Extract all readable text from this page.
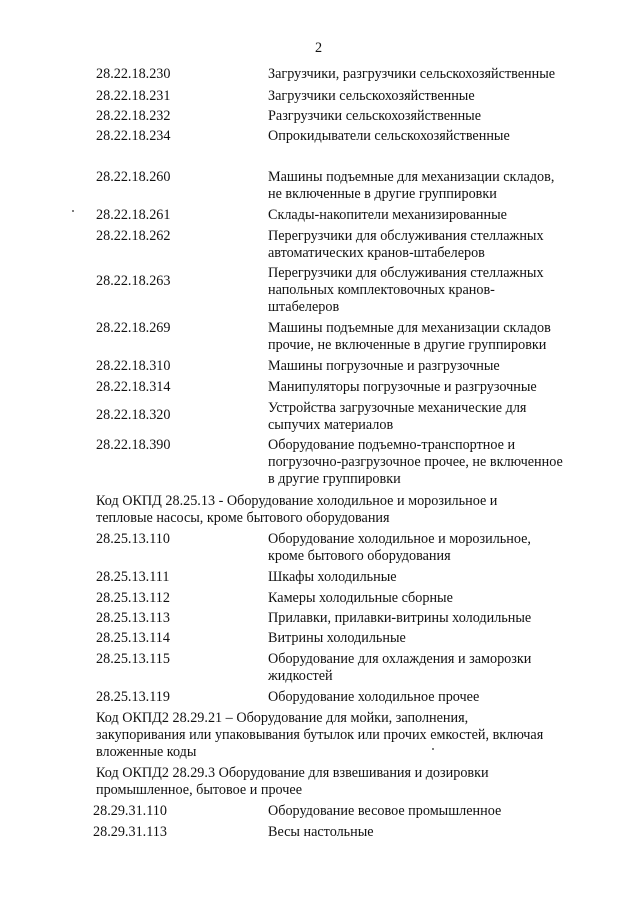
2
28.22.18.230	Загрузчики, разгрузчики сельскохозяйственные
28.22.18.231	Загрузчики сельскохозяйственные
28.22.18.232	Разгрузчики сельскохозяйственные
28.22.18.234	Опрокидыватели сельскохозяйственные
28.22.18.260	Машины подъемные для механизации складов,
не включенные в другие группировки
28.22.18.261	Склады-накопители механизированные
28.22.18.262	Перегрузчики для обслуживания стеллажных
автоматических кранов-штабелеров
28.22.18.263	Перегрузчики для обслуживания стеллажных
напольных комплектовочных кранов-
штабелеров
28.22.18.269	Машины подъемные для механизации складов
прочие, не включенные в другие группировки
28.22.18.310	Машины погрузочные и разгрузочные
28.22.18.314	Манипуляторы погрузочные и разгрузочные
28.22.18.320	Устройства загрузочные механические для
сыпучих материалов
28.22.18.390	Оборудование подъемно-транспортное и
погрузочно-разгрузочное прочее, не включенное
в другие группировки
Код ОКПД 28.25.13 - Оборудование холодильное и морозильное и
тепловые насосы, кроме бытового оборудования
28.25.13.110	Оборудование холодильное и морозильное,
кроме бытового оборудования
28.25.13.111	Шкафы холодильные
28.25.13.112	Камеры холодильные сборные
28.25.13.113	Прилавки, прилавки-витрины холодильные
28.25.13.114	Витрины холодильные
28.25.13.115	Оборудование для охлаждения и заморозки
жидкостей
28.25.13.119	Оборудование холодильное прочее
Код ОКПД2 28.29.21 – Оборудование для мойки, заполнения,
закупоривания или упаковывания бутылок или прочих емкостей, включая
вложенные коды
Код ОКПД2 28.29.3 Оборудование для взвешивания и дозировки
промышленное, бытовое и прочее
28.29.31.110	Оборудование весовое промышленное
28.29.31.113	Весы настольные
